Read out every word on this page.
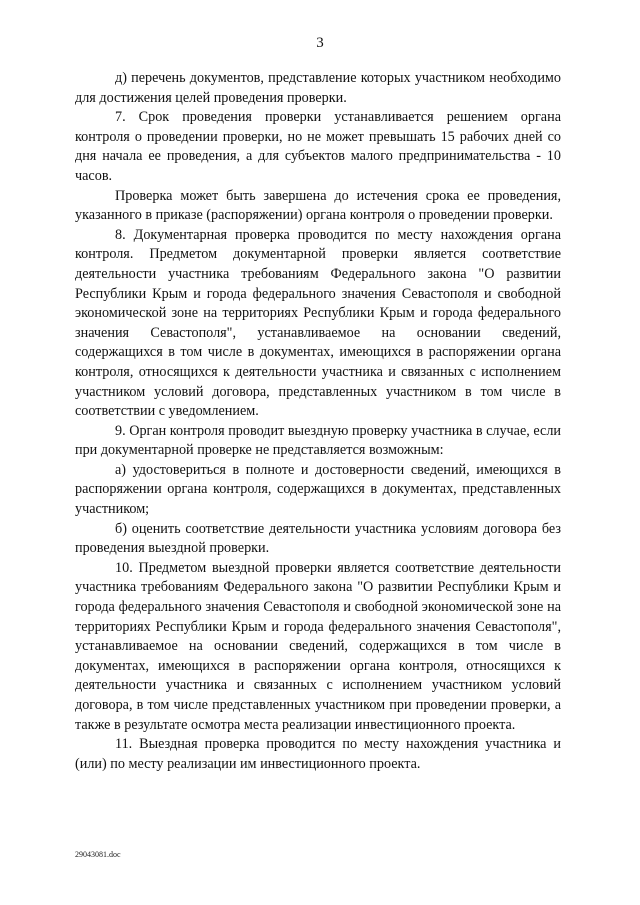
3

д) перечень документов, представление которых участником необходимо для достижения целей проведения проверки.

7. Срок проведения проверки устанавливается решением органа контроля о проведении проверки, но не может превышать 15 рабочих дней со дня начала ее проведения, а для субъектов малого предпринимательства - 10 часов.

Проверка может быть завершена до истечения срока ее проведения, указанного в приказе (распоряжении) органа контроля о проведении проверки.

8. Документарная проверка проводится по месту нахождения органа контроля. Предметом документарной проверки является соответствие деятельности участника требованиям Федерального закона "О развитии Республики Крым и города федерального значения Севастополя и свободной экономической зоне на территориях Республики Крым и города федерального значения Севастополя", устанавливаемое на основании сведений, содержащихся в том числе в документах, имеющихся в распоряжении органа контроля, относящихся к деятельности участника и связанных с исполнением участником условий договора, представленных участником в том числе в соответствии с уведомлением.

9. Орган контроля проводит выездную проверку участника в случае, если при документарной проверке не представляется возможным:

а) удостовериться в полноте и достоверности сведений, имеющихся в распоряжении органа контроля, содержащихся в документах, представленных участником;

б) оценить соответствие деятельности участника условиям договора без проведения выездной проверки.

10. Предметом выездной проверки является соответствие деятельности участника требованиям Федерального закона "О развитии Республики Крым и города федерального значения Севастополя и свободной экономической зоне на территориях Республики Крым и города федерального значения Севастополя", устанавливаемое на основании сведений, содержащихся в том числе в документах, имеющихся в распоряжении органа контроля, относящихся к деятельности участника и связанных с исполнением участником условий договора, в том числе представленных участником при проведении проверки, а также в результате осмотра места реализации инвестиционного проекта.

11. Выездная проверка проводится по месту нахождения участника и (или) по месту реализации им инвестиционного проекта.

29043081.doc
